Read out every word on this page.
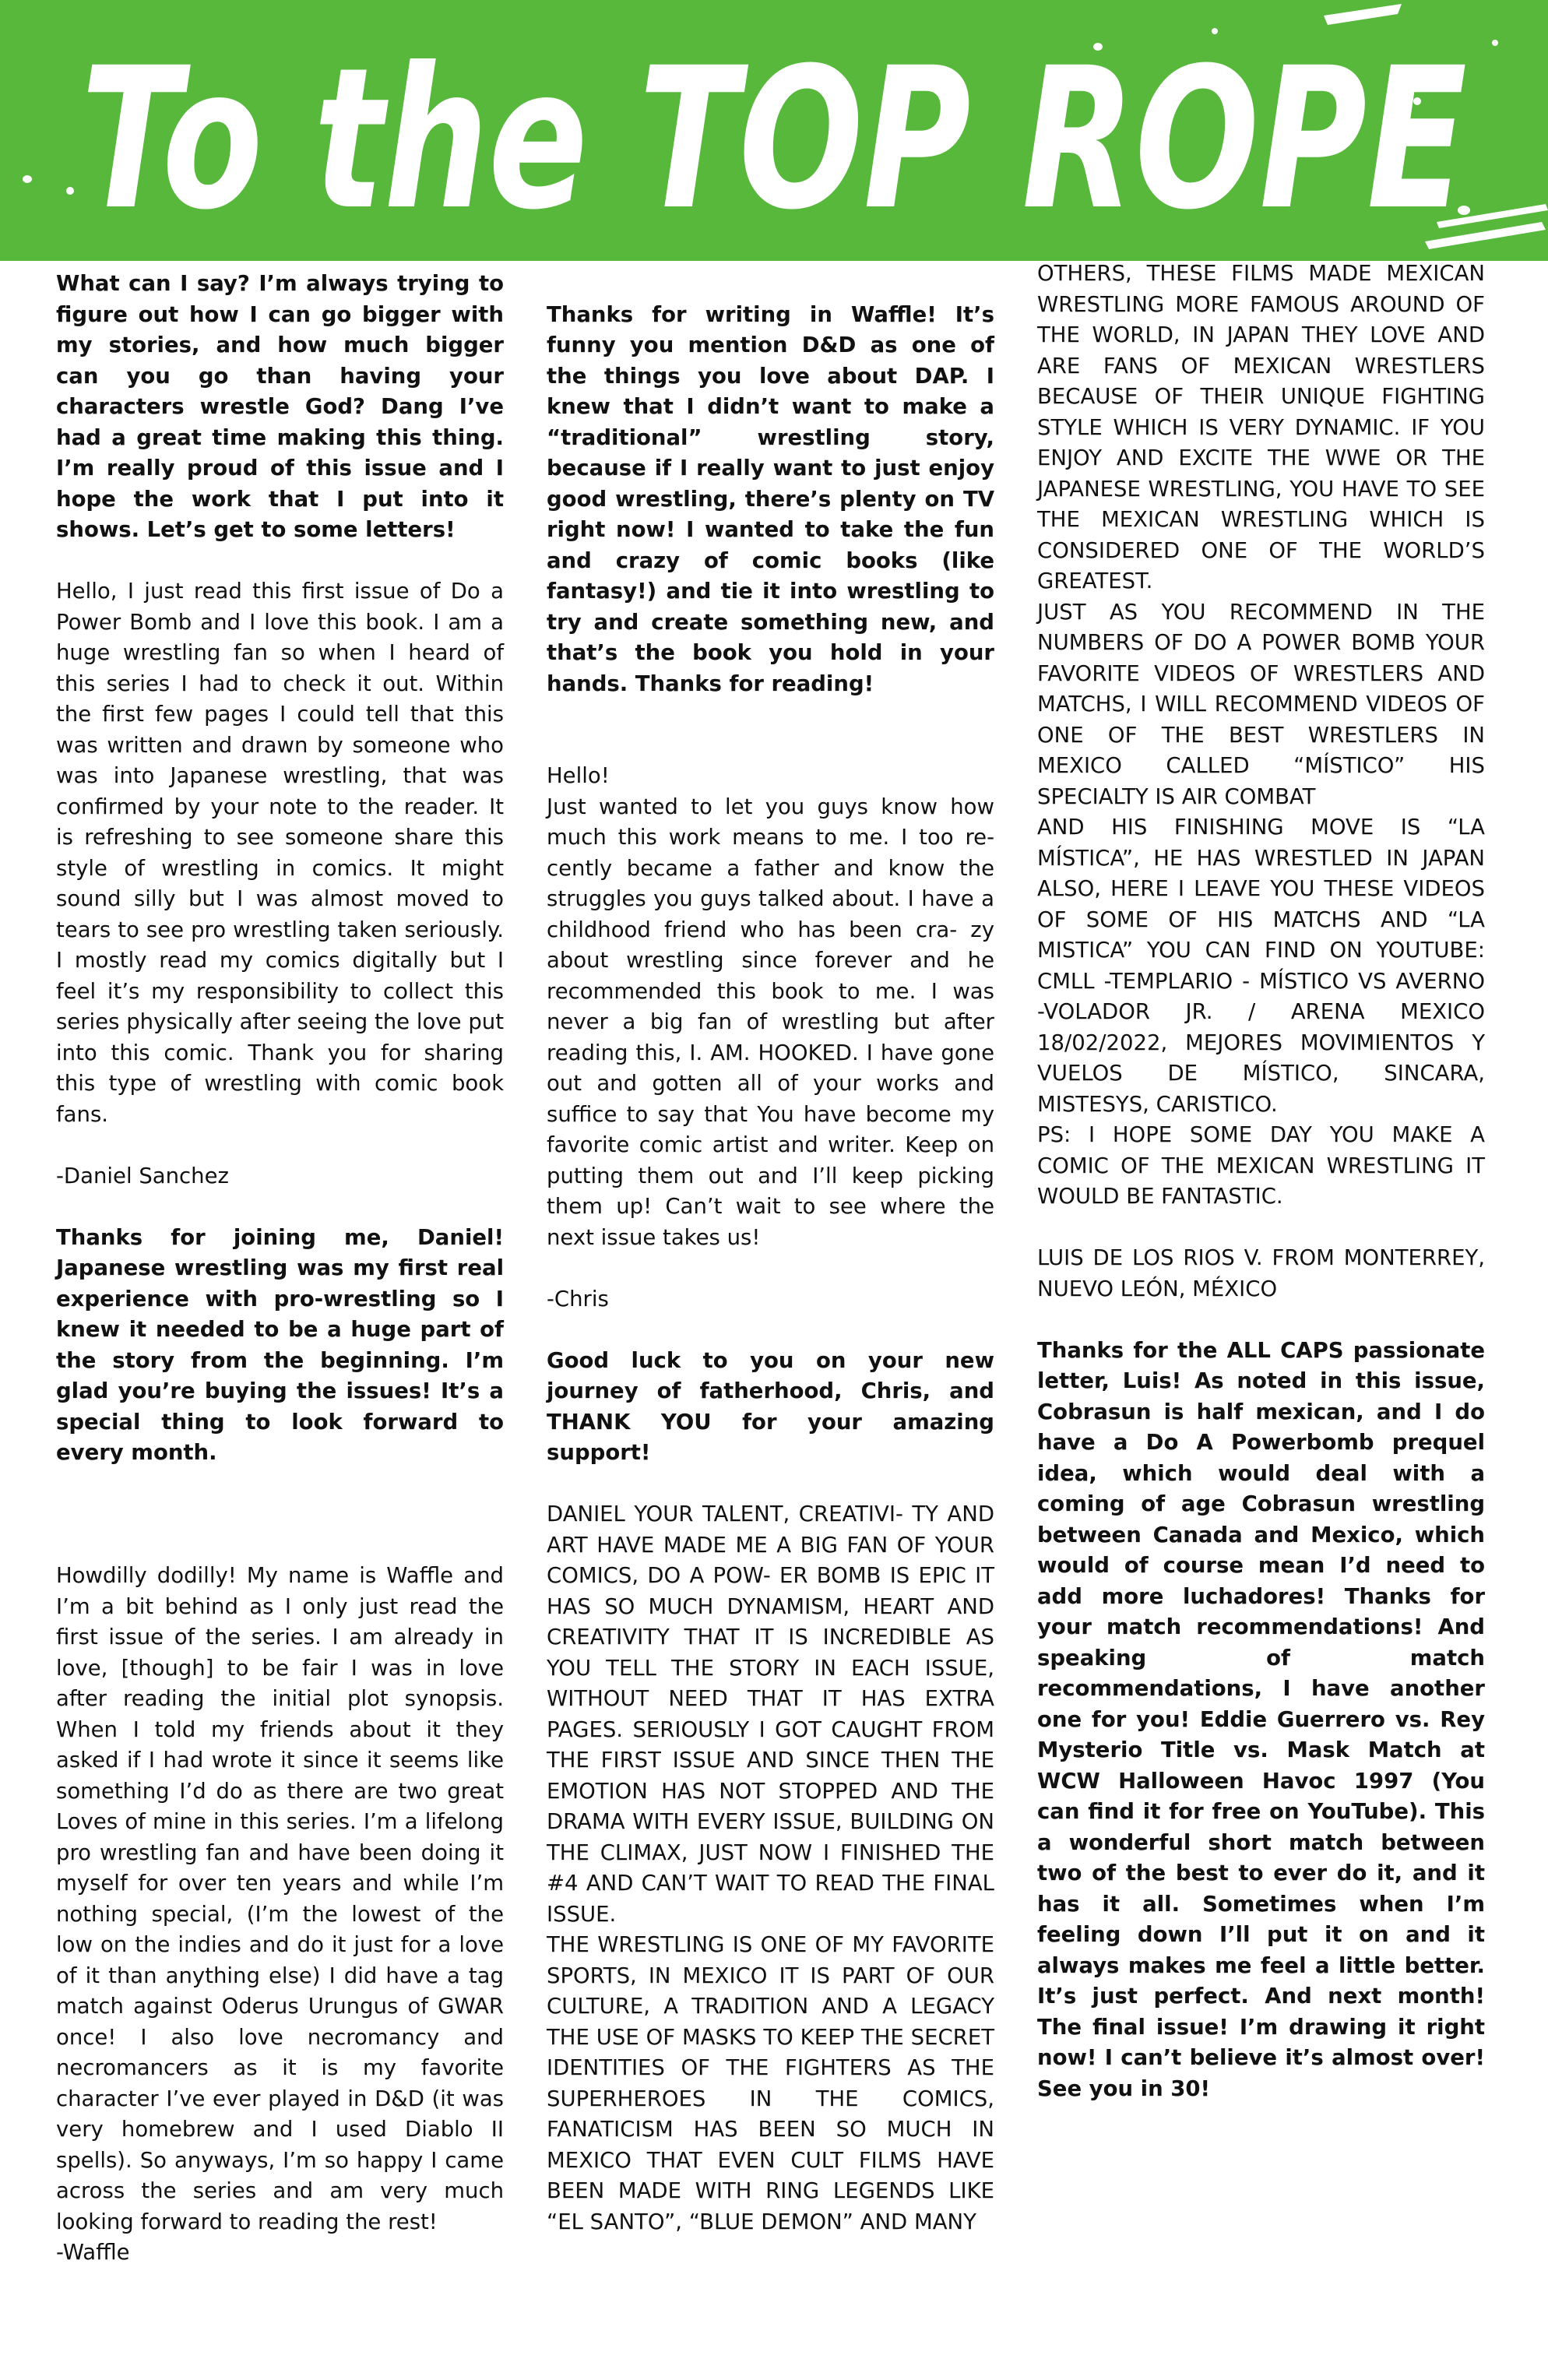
To the TOP ROPE

What can I say? I’m always trying to figure out how I can go bigger with my stories, and how much bigger can you go than having your characters wrestle God? Dang I’ve had a great time making this thing. I’m really proud of this issue and I hope the work that I put into it shows. Let’s get to some letters!

Hello, I just read this first issue of Do a Power Bomb and I love this book. I am a huge wrestling fan so when I heard of this series I had to check it out. Within the first few pages I could tell that this was written and drawn by someone who was into Japanese wrestling, that was confirmed by your note to the reader. It is refreshing to see someone share this style of wrestling in comics. It might sound silly but I was almost moved to tears to see pro wrestling taken seriously. I mostly read my comics digitally but I feel it’s my responsibility to collect this series physically after seeing the love put into this comic. Thank you for sharing this type of wrestling with comic book fans.

-Daniel Sanchez

Thanks for joining me, Daniel! Japanese wrestling was my first real experience with pro-wrestling so I knew it needed to be a huge part of the story from the beginning. I’m glad you’re buying the issues! It’s a special thing to look forward to every month.

Howdilly dodilly! My name is Waffle and I’m a bit behind as I only just read the first issue of the series. I am already in love, [though] to be fair I was in love after reading the initial plot synopsis. When I told my friends about it they asked if I had wrote it since it seems like something I’d do as there are two great Loves of mine in this series. I’m a lifelong pro wrestling fan and have been doing it myself for over ten years and while I’m nothing special, (I’m the lowest of the low on the indies and do it just for a love of it than anything else) I did have a tag match against Oderus Urungus of GWAR once! I also love necromancy and necromancers as it is my favorite character I’ve ever played in D&D (it was very homebrew and I used Diablo II spells). So anyways, I’m so happy I came across the series and am very much looking forward to reading the rest!

-Waffle

Thanks for writing in Waffle! It’s funny you mention D&D as one of the things you love about DAP. I knew that I didn’t want to make a “traditional” wrestling story, because if I really want to just enjoy good wrestling, there’s plenty on TV right now! I wanted to take the fun and crazy of comic books (like fantasy!) and tie it into wrestling to try and create something new, and that’s the book you hold in your hands. Thanks for reading!

Hello!

Just wanted to let you guys know how much this work means to me. I too re- cently became a father and know the struggles you guys talked about. I have a childhood friend who has been cra- zy about wrestling since forever and he recommended this book to me. I was never a big fan of wrestling but after reading this, I. AM. HOOKED. I have gone out and gotten all of your works and suffice to say that You have become my favorite comic artist and writer. Keep on putting them out and I’ll keep picking them up! Can’t wait to see where the next issue takes us!

-Chris

Good luck to you on your new journey of fatherhood, Chris, and THANK YOU for your amazing support!

DANIEL YOUR TALENT, CREATIVI- TY AND ART HAVE MADE ME A BIG FAN OF YOUR COMICS, DO A POW- ER BOMB IS EPIC IT HAS SO MUCH DYNAMISM, HEART AND CREATIVITY THAT IT IS INCREDIBLE AS YOU TELL THE STORY IN EACH ISSUE, WITHOUT NEED THAT IT HAS EXTRA PAGES. SERIOUSLY I GOT CAUGHT FROM THE FIRST ISSUE AND SINCE THEN THE EMOTION HAS NOT STOPPED AND THE DRAMA WITH EVERY ISSUE, BUILDING ON THE CLIMAX, JUST NOW I FINISHED THE #4 AND CAN’T WAIT TO READ THE FINAL ISSUE.

THE WRESTLING IS ONE OF MY FAVORITE SPORTS, IN MEXICO IT IS PART OF OUR CULTURE, A TRADITION AND A LEGACY THE USE OF MASKS TO KEEP THE SECRET IDENTITIES OF THE FIGHTERS AS THE SUPERHEROES IN THE COMICS, FANATICISM HAS BEEN SO MUCH IN MEXICO THAT EVEN CULT FILMS HAVE BEEN MADE WITH RING LEGENDS LIKE “EL SANTO”, “BLUE DEMON” AND MANY

OTHERS, THESE FILMS MADE MEXICAN WRESTLING MORE FAMOUS AROUND OF THE WORLD, IN JAPAN THEY LOVE AND ARE FANS OF MEXICAN WRESTLERS BECAUSE OF THEIR UNIQUE FIGHTING STYLE WHICH IS VERY DYNAMIC. IF YOU ENJOY AND EXCITE THE WWE OR THE JAPANESE WRESTLING, YOU HAVE TO SEE THE MEXICAN WRESTLING WHICH IS CONSIDERED ONE OF THE WORLD’S GREATEST.

JUST AS YOU RECOMMEND IN THE NUMBERS OF DO A POWER BOMB YOUR FAVORITE VIDEOS OF WRESTLERS AND MATCHS, I WILL RECOMMEND VIDEOS OF ONE OF THE BEST WRESTLERS IN MEXICO CALLED “MÍSTICO” HIS SPECIALTY IS AIR COMBAT

AND HIS FINISHING MOVE IS “LA MÍSTICA”, HE HAS WRESTLED IN JAPAN ALSO, HERE I LEAVE YOU THESE VIDEOS OF SOME OF HIS MATCHS AND “LA MISTICA” YOU CAN FIND ON YOUTUBE: CMLL -TEMPLARIO - MÍSTICO VS AVERNO -VOLADOR JR. / ARENA MEXICO 18/02/2022, MEJORES MOVIMIENTOS Y VUELOS DE MÍSTICO, SINCARA, MISTESYS, CARISTICO.

PS: I HOPE SOME DAY YOU MAKE A COMIC OF THE MEXICAN WRESTLING IT WOULD BE FANTASTIC.

LUIS DE LOS RIOS V. FROM MONTERREY, NUEVO LEÓN, MÉXICO

Thanks for the ALL CAPS passionate letter, Luis! As noted in this issue, Cobrasun is half mexican, and I do have a Do A Powerbomb prequel idea, which would deal with a coming of age Cobrasun wrestling between Canada and Mexico, which would of course mean I’d need to add more luchadores! Thanks for your match recommendations! And speaking of match recommendations, I have another one for you! Eddie Guerrero vs. Rey Mysterio Title vs. Mask Match at WCW Halloween Havoc 1997 (You can find it for free on YouTube). This a wonderful short match between two of the best to ever do it, and it has it all. Sometimes when I’m feeling down I’ll put it on and it always makes me feel a little better. It’s just perfect. And next month! The final issue! I’m drawing it right now! I can’t believe it’s almost over! See you in 30!
